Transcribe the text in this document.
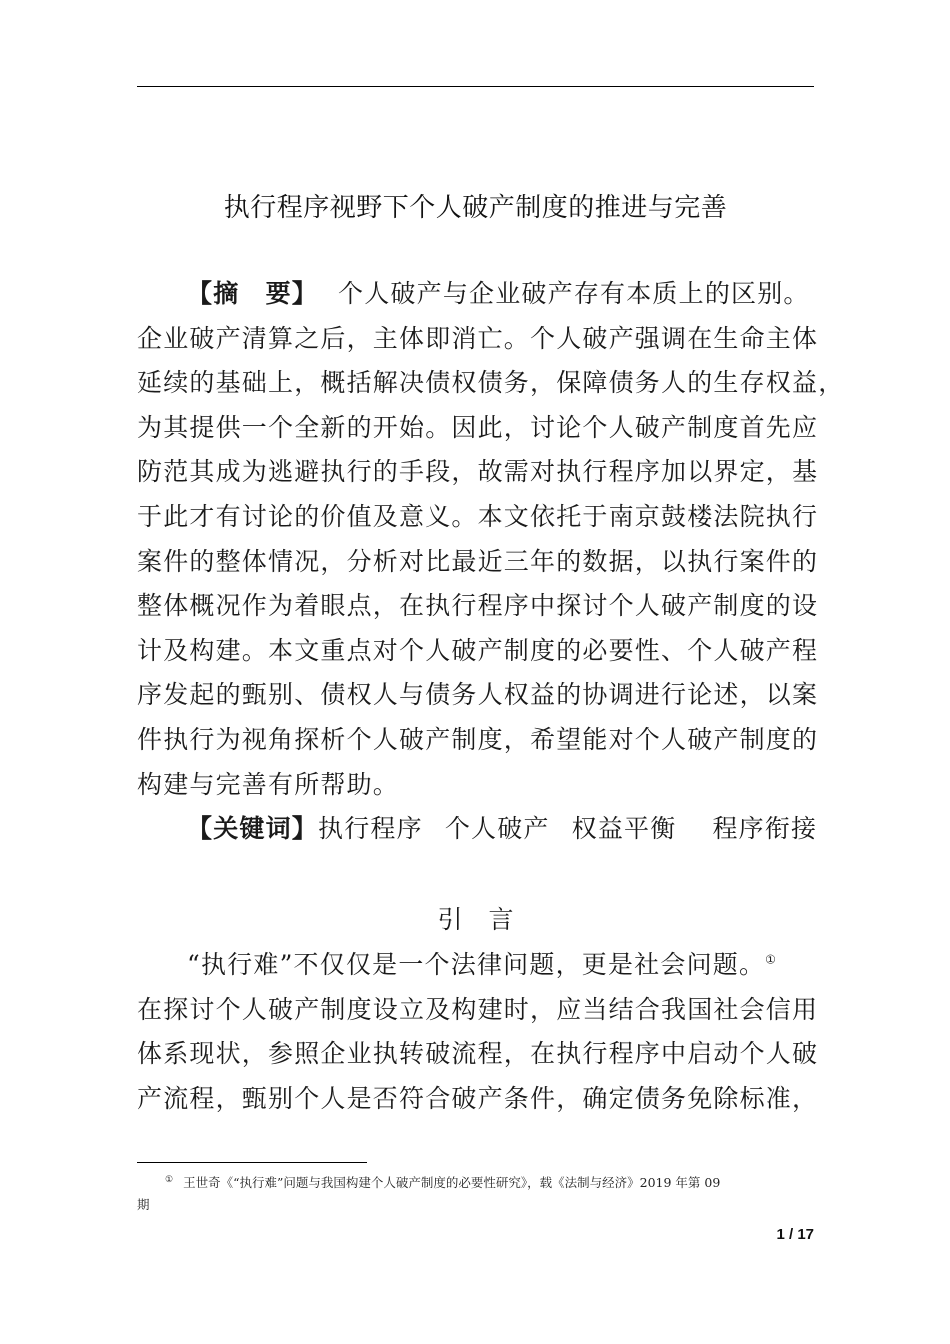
执行程序视野下个人破产制度的推进与完善
【摘　要】 个人破产与企业破产存有本质上的区别。
企业破产清算之后，主体即消亡。个人破产强调在生命主体
延续的基础上，概括解决债权债务，保障债务人的生存权益，
为其提供一个全新的开始。因此，讨论个人破产制度首先应
防范其成为逃避执行的手段，故需对执行程序加以界定，基
于此才有讨论的价值及意义。本文依托于南京鼓楼法院执行
案件的整体情况，分析对比最近三年的数据，以执行案件的
整体概况作为着眼点，在执行程序中探讨个人破产制度的设
计及构建。本文重点对个人破产制度的必要性、个人破产程
序发起的甄别、债权人与债务人权益的协调进行论述，以案
件执行为视角探析个人破产制度，希望能对个人破产制度的
构建与完善有所帮助。
【关键词】执行程序 个人破产 权益平衡 程序衔接
引言
“执行难”不仅仅是一个法律问题，更是社会问题。①
在探讨个人破产制度设立及构建时，应当结合我国社会信用
体系现状，参照企业执转破流程，在执行程序中启动个人破
产流程，甄别个人是否符合破产条件，确定债务免除标准，
① 王世奇《“执行难”问题与我国构建个人破产制度的必要性研究》，载《法制与经济》2019 年第 09
期
1 / 17
